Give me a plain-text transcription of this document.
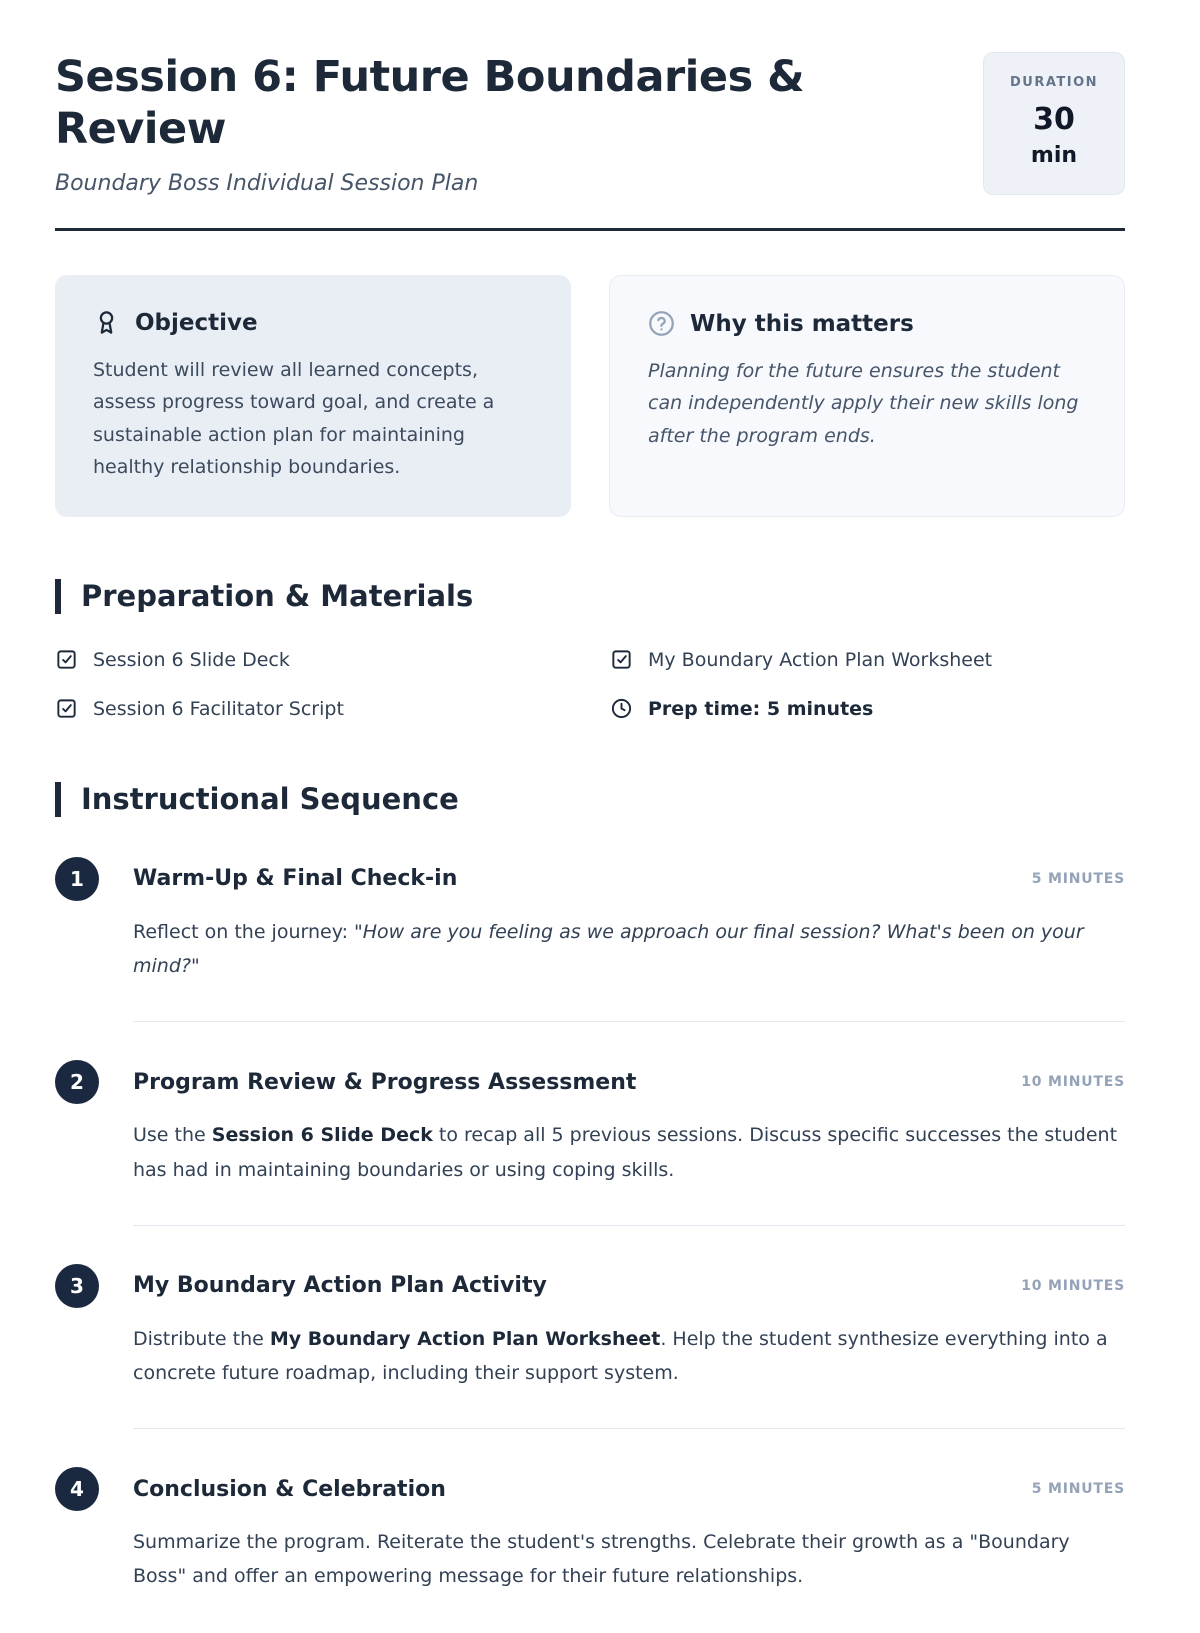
Session 6: Future Boundaries & Review
Boundary Boss Individual Session Plan
DURATION
30
min
Objective
Student will review all learned concepts, assess progress toward goal, and create a sustainable action plan for maintaining healthy relationship boundaries.
Why this matters
Planning for the future ensures the student can independently apply their new skills long after the program ends.
Preparation & Materials
Session 6 Slide Deck	My Boundary Action Plan Worksheet
Session 6 Facilitator Script	Prep time: 5 minutes
Instructional Sequence
1	Warm-Up & Final Check-in	5 MINUTES
Reflect on the journey: "How are you feeling as we approach our final session? What's been on your mind?"
2	Program Review & Progress Assessment	10 MINUTES
Use the Session 6 Slide Deck to recap all 5 previous sessions. Discuss specific successes the student has had in maintaining boundaries or using coping skills.
3	My Boundary Action Plan Activity	10 MINUTES
Distribute the My Boundary Action Plan Worksheet. Help the student synthesize everything into a concrete future roadmap, including their support system.
4	Conclusion & Celebration	5 MINUTES
Summarize the program. Reiterate the student's strengths. Celebrate their growth as a "Boundary Boss" and offer an empowering message for their future relationships.
